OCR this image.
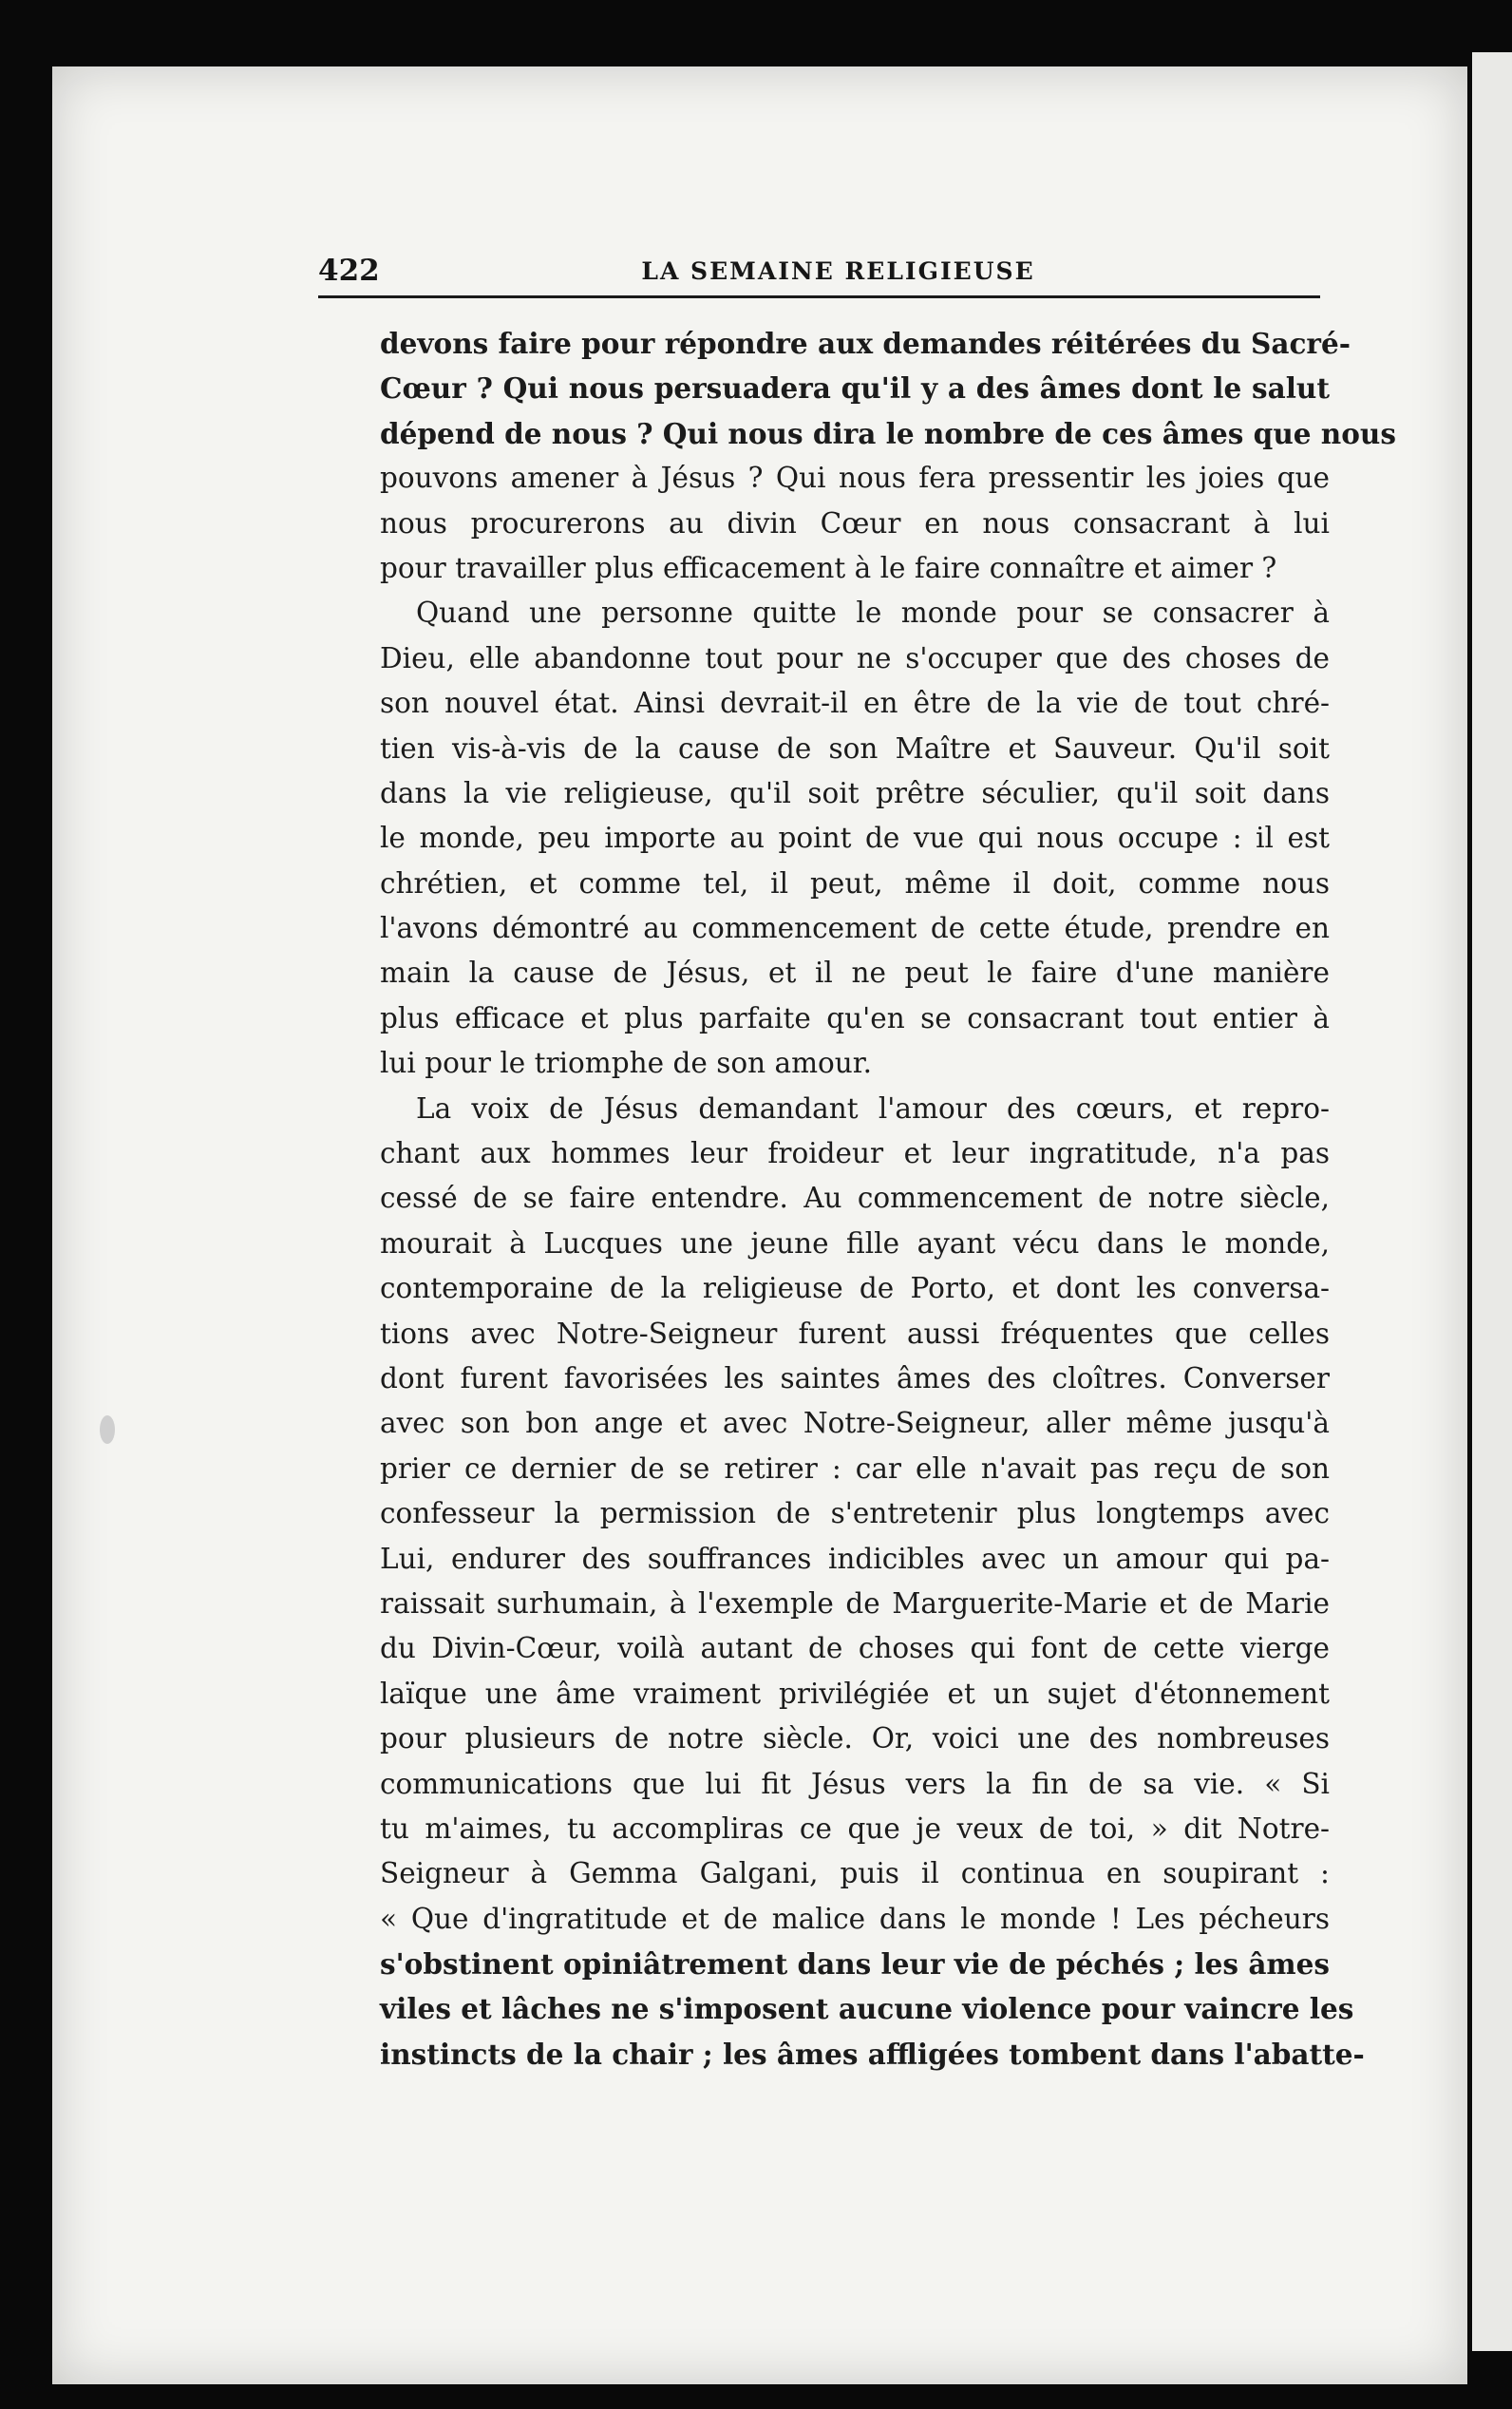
422	LA SEMAINE RELIGIEUSE
devons faire pour répondre aux demandes réitérées du Sacré-
Cœur ? Qui nous persuadera qu'il y a des âmes dont le salut
dépend de nous ? Qui nous dira le nombre de ces âmes que nous
pouvons amener à Jésus ? Qui nous fera pressentir les joies que
nous procurerons au divin Cœur en nous consacrant à lui
pour travailler plus efficacement à le faire connaître et aimer ?
Quand une personne quitte le monde pour se consacrer à
Dieu, elle abandonne tout pour ne s'occuper que des choses de
son nouvel état. Ainsi devrait-il en être de la vie de tout chré-
tien vis-à-vis de la cause de son Maître et Sauveur. Qu'il soit
dans la vie religieuse, qu'il soit prêtre séculier, qu'il soit dans
le monde, peu importe au point de vue qui nous occupe : il est
chrétien, et comme tel, il peut, même il doit, comme nous
l'avons démontré au commencement de cette étude, prendre en
main la cause de Jésus, et il ne peut le faire d'une manière
plus efficace et plus parfaite qu'en se consacrant tout entier à
lui pour le triomphe de son amour.
La voix de Jésus demandant l'amour des cœurs, et repro-
chant aux hommes leur froideur et leur ingratitude, n'a pas
cessé de se faire entendre. Au commencement de notre siècle,
mourait à Lucques une jeune fille ayant vécu dans le monde,
contemporaine de la religieuse de Porto, et dont les conversa-
tions avec Notre-Seigneur furent aussi fréquentes que celles
dont furent favorisées les saintes âmes des cloîtres. Converser
avec son bon ange et avec Notre-Seigneur, aller même jusqu'à
prier ce dernier de se retirer : car elle n'avait pas reçu de son
confesseur la permission de s'entretenir plus longtemps avec
Lui, endurer des souffrances indicibles avec un amour qui pa-
raissait surhumain, à l'exemple de Marguerite-Marie et de Marie
du Divin-Cœur, voilà autant de choses qui font de cette vierge
laïque une âme vraiment privilégiée et un sujet d'étonnement
pour plusieurs de notre siècle. Or, voici une des nombreuses
communications que lui fit Jésus vers la fin de sa vie. « Si
tu m'aimes, tu accompliras ce que je veux de toi, » dit Notre-
Seigneur à Gemma Galgani, puis il continua en soupirant :
« Que d'ingratitude et de malice dans le monde ! Les pécheurs
s'obstinent opiniâtrement dans leur vie de péchés ; les âmes
viles et lâches ne s'imposent aucune violence pour vaincre les
instincts de la chair ; les âmes affligées tombent dans l'abatte-
